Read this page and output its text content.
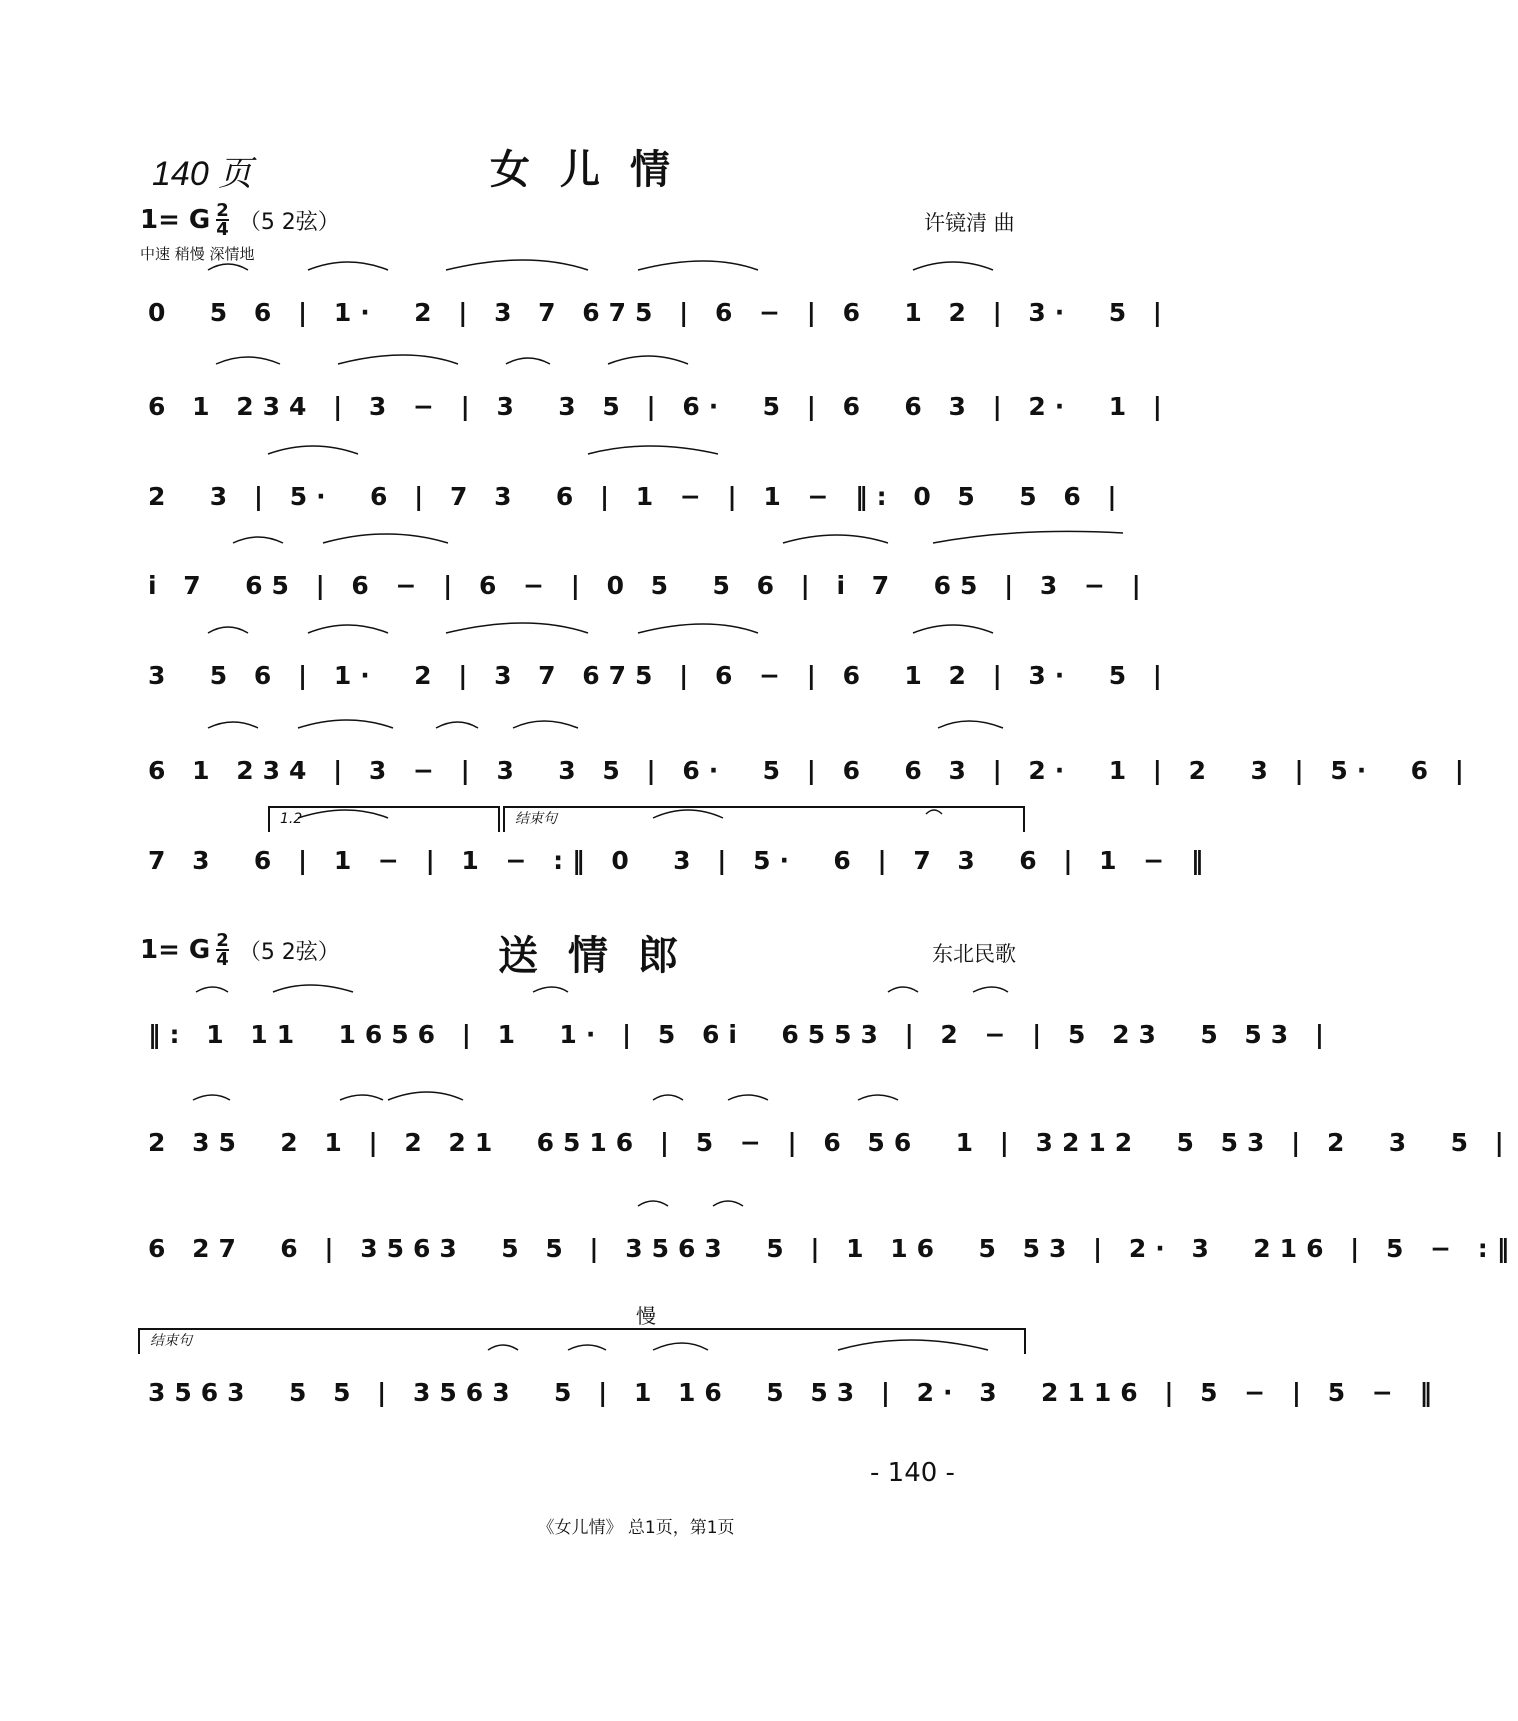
140 页	女儿情
1= G $\frac{2}{4} (5$ 2弦）	许镜清 曲
中速 稍慢 深情地
0  5 6 | 1·  2 | 3 7 675 | 6 − | 6  1 2 | 3·  5 |
6 1 234 | 3 − | 3  3 5 | 6·  5 | 6  6 3 | 2·  1 |
2  3 | 5·  6 | 7 3  6 | 1 − | 1 − ‖: 0 5  5 6 |
i 7  65 | 6 − | 6 − | 0 5  5 6 | i 7  65 | 3 − |
3  5 6 | 1·  2 | 3 7 675 | 6 − | 6  1 2 | 3·  5 |
6 1 234 | 3 − | 3  3 5 | 6·  5 | 6  6 3 | 2·  1 | 2  3 | 5·  6 |
1.2	结束句
7 3  6 | 1 − | 1 − :‖ 0  3 | 5·  6 | 7 3  6 | 1 − ‖
1= G $\frac{2}{4} (5$ 2弦）	送情郎	东北民歌
‖: 1 11  1656 | 1  1· | 5 6i  6553 | 2 − | 5 23  5 53 |
2 35  2 1 | 2 21  6516 | 5 − | 6 56  1 | 3212  5 53 | 2  3  5 |
6 27  6 | 3563  5 5 | 3563  5 | 1 16  5 53 | 2· 3  216 | 5 − :‖
慢
结束句
3563  5 5 | 3563  5 | 1 16  5 53 | 2· 3  2116 | 5 − | 5 − ‖
- 140 -
《女儿情》 总1页，第1页
